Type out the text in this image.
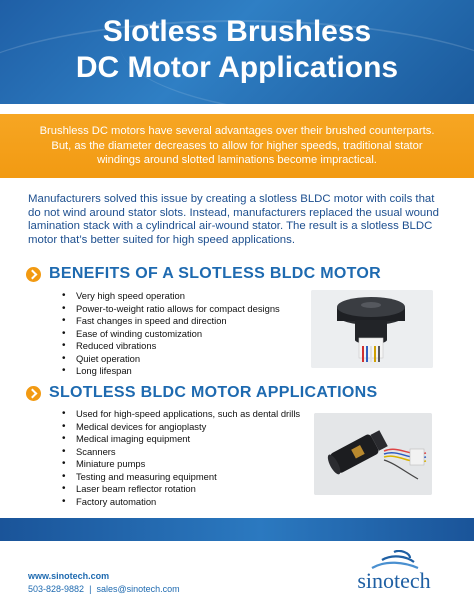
Slotless Brushless
DC Motor Applications

Brushless DC motors have several advantages over their brushed counterparts. But, as the diameter decreases to allow for higher speeds, traditional stator windings around slotted laminations become impractical.

Manufacturers solved this issue by creating a slotless BLDC motor with coils that do not wind around stator slots. Instead, manufacturers replaced the usual wound lamination stack with a cylindrical air-wound stator. The result is a slotless BLDC motor that’s better suited for high speed applications.

BENEFITS OF A SLOTLESS BLDC MOTOR
• Very high speed operation
• Power-to-weight ratio allows for compact designs
• Fast changes in speed and direction
• Ease of winding customization
• Reduced vibrations
• Quiet operation
• Long lifespan
SLOTLESS BLDC MOTOR APPLICATIONS
• Used for high-speed applications, such as dental drills
• Medical devices for angioplasty
• Medical imaging equipment
• Scanners
• Miniature pumps
• Testing and measuring equipment
• Laser beam reflector rotation
• Factory automation
www.sinotech.com
503-828-9882 | sales@sinotech.com	sinotech
